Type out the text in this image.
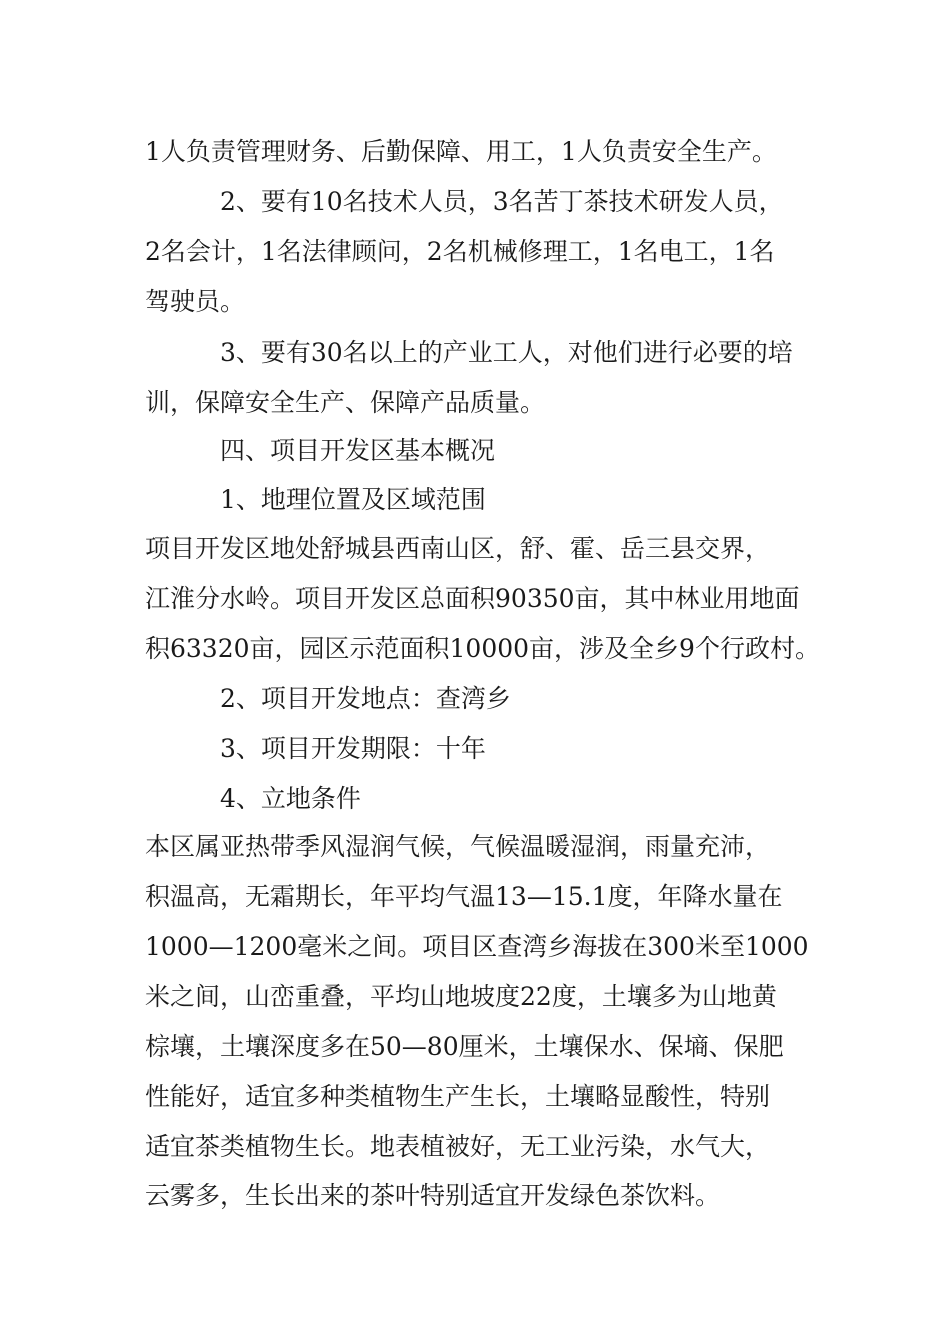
1人负责管理财务、后勤保障、用工，1人负责安全生产。
2、要有10名技术人员，3名苦丁茶技术研发人员，
2名会计，1名法律顾问，2名机械修理工，1名电工，1名
驾驶员。
3、要有30名以上的产业工人，对他们进行必要的培
训，保障安全生产、保障产品质量。
四、项目开发区基本概况
1、地理位置及区域范围
项目开发区地处舒城县西南山区，舒、霍、岳三县交界，
江淮分水岭。项目开发区总面积90350亩，其中林业用地面
积63320亩，园区示范面积10000亩，涉及全乡9个行政村。
2、项目开发地点：查湾乡
3、项目开发期限：十年
4、立地条件
本区属亚热带季风湿润气候，气候温暖湿润，雨量充沛，
积温高，无霜期长，年平均气温13—15.1度，年降水量在
1000—1200毫米之间。项目区查湾乡海拔在300米至1000
米之间，山峦重叠，平均山地坡度22度，土壤多为山地黄
棕壤，土壤深度多在50—80厘米，土壤保水、保墒、保肥
性能好，适宜多种类植物生产生长，土壤略显酸性，特别
适宜茶类植物生长。地表植被好，无工业污染，水气大，
云雾多，生长出来的茶叶特别适宜开发绿色茶饮料。
